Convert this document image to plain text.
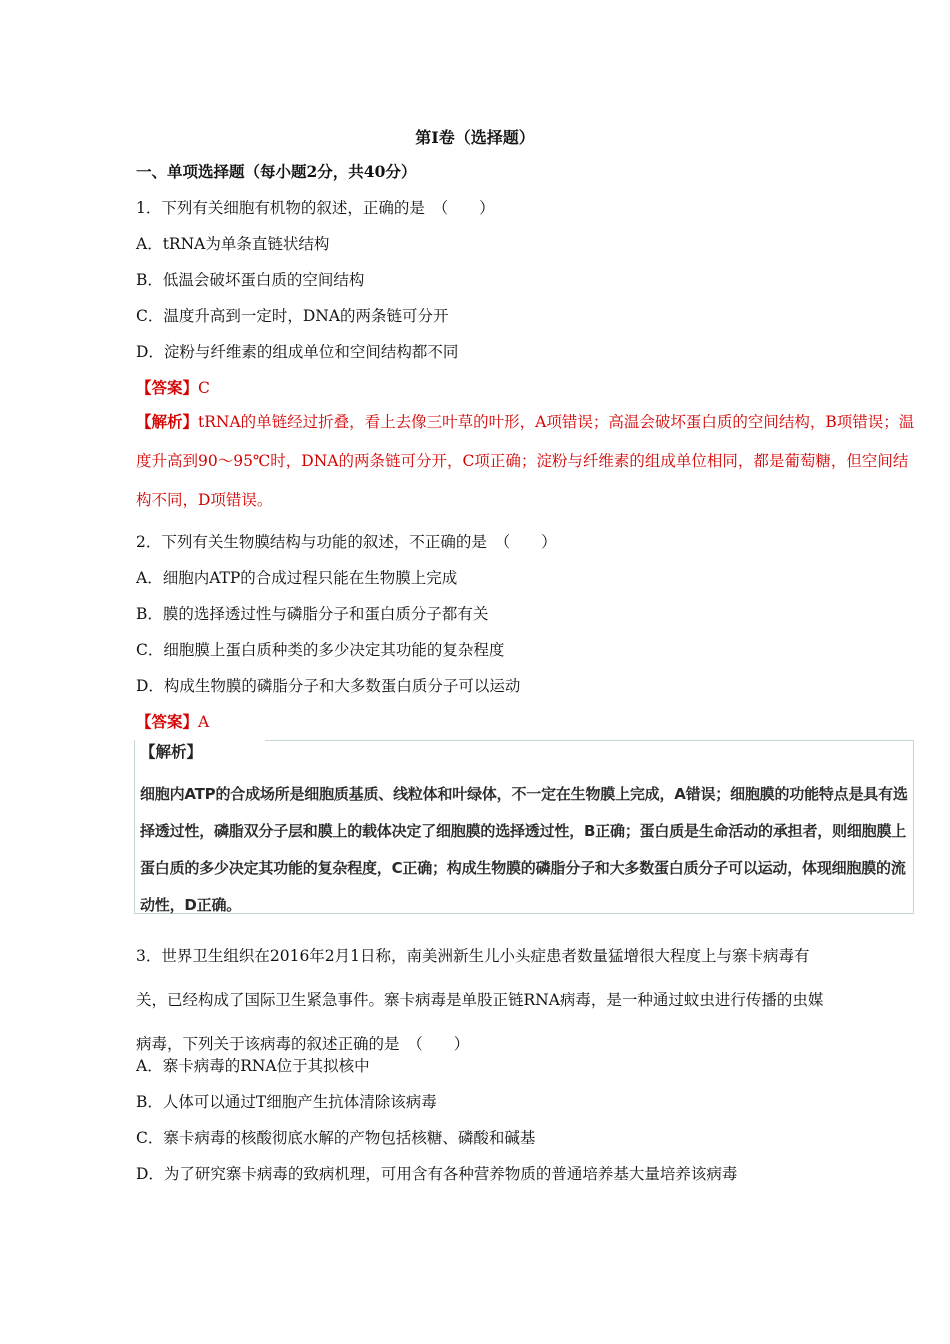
第Ⅰ卷（选择题）
一、单项选择题（每小题2分，共40分）
1．下列有关细胞有机物的叙述，正确的是　（　　）
A．tRNA为单条直链状结构
B．低温会破坏蛋白质的空间结构
C．温度升高到一定时，DNA的两条链可分开
D．淀粉与纤维素的组成单位和空间结构都不同
【答案】C
【解析】tRNA的单链经过折叠，看上去像三叶草的叶形，A项错误；高温会破坏蛋白质的空间结构，B项错误；温度升高到90～95℃时，DNA的两条链可分开，C项正确；淀粉与纤维素的组成单位相同，都是葡萄糖，但空间结构不同，D项错误。
2．下列有关生物膜结构与功能的叙述，不正确的是　（　　）
A．细胞内ATP的合成过程只能在生物膜上完成
B．膜的选择透过性与磷脂分子和蛋白质分子都有关
C．细胞膜上蛋白质种类的多少决定其功能的复杂程度
D．构成生物膜的磷脂分子和大多数蛋白质分子可以运动
【答案】A
【解析】
细胞内ATP的合成场所是细胞质基质、线粒体和叶绿体，不一定在生物膜上完成，A错误；细胞膜的功能特点是具有选择透过性，磷脂双分子层和膜上的载体决定了细胞膜的选择透过性，B正确；蛋白质是生命活动的承担者，则细胞膜上蛋白质的多少决定其功能的复杂程度，C正确；构成生物膜的磷脂分子和大多数蛋白质分子可以运动，体现细胞膜的流动性，D正确。
3．世界卫生组织在2016年2月1日称，南美洲新生儿小头症患者数量猛增很大程度上与寨卡病毒有关，已经构成了国际卫生紧急事件。寨卡病毒是单股正链RNA病毒，是一种通过蚊虫进行传播的虫媒病毒，下列关于该病毒的叙述正确的是　（　　）
A．寨卡病毒的RNA位于其拟核中
B．人体可以通过T细胞产生抗体清除该病毒
C．寨卡病毒的核酸彻底水解的产物包括核糖、磷酸和碱基
D．为了研究寨卡病毒的致病机理，可用含有各种营养物质的普通培养基大量培养该病毒
